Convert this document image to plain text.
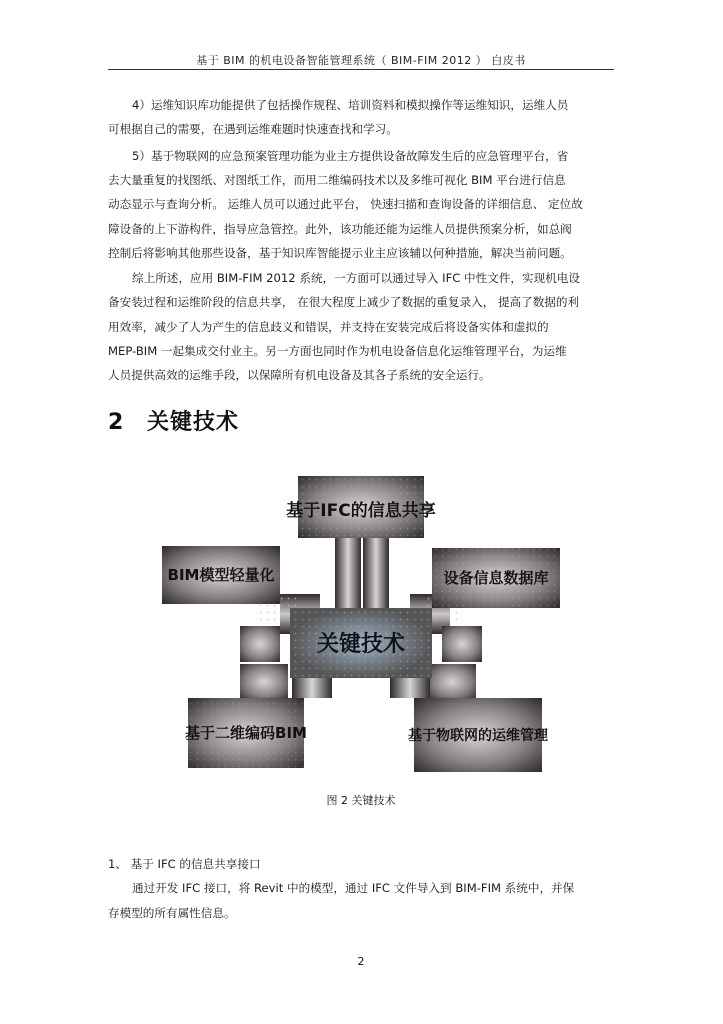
基于 BIM 的机电设备智能管理系统（ BIM-FIM 2012 ） 白皮书
4）运维知识库功能提供了包括操作规程、培训资料和模拟操作等运维知识，运维人员
可根据自己的需要，在遇到运维难题时快速查找和学习。
5）基于物联网的应急预案管理功能为业主方提供设备故障发生后的应急管理平台，省
去大量重复的找图纸、对图纸工作，而用二维编码技术以及多维可视化 BIM 平台进行信息
动态显示与查询分析。 运维人员可以通过此平台， 快速扫描和查询设备的详细信息、 定位故
障设备的上下游构件，指导应急管控。此外，该功能还能为运维人员提供预案分析，如总阀
控制后将影响其他那些设备，基于知识库智能提示业主应该辅以何种措施，解决当前问题。
综上所述，应用 BIM-FIM 2012 系统，一方面可以通过导入 IFC 中性文件，实现机电设
备安装过程和运维阶段的信息共享， 在很大程度上减少了数据的重复录入， 提高了数据的利
用效率，减少了人为产生的信息歧义和错误，并支持在安装完成后将设备实体和虚拟的
MEP-BIM 一起集成交付业主。另一方面也同时作为机电设备信息化运维管理平台，为运维
人员提供高效的运维手段，以保障所有机电设备及其各子系统的安全运行。
2 关键技术
关键技术
基于IFC的信息共享
BIM模型轻量化	设备信息数据库
基于二维编码BIM	基于物联网的运维管理
图 2 关键技术
1、 基于 IFC 的信息共享接口
通过开发 IFC 接口，将 Revit 中的模型，通过 IFC 文件导入到 BIM-FIM 系统中，并保
存模型的所有属性信息。
2
